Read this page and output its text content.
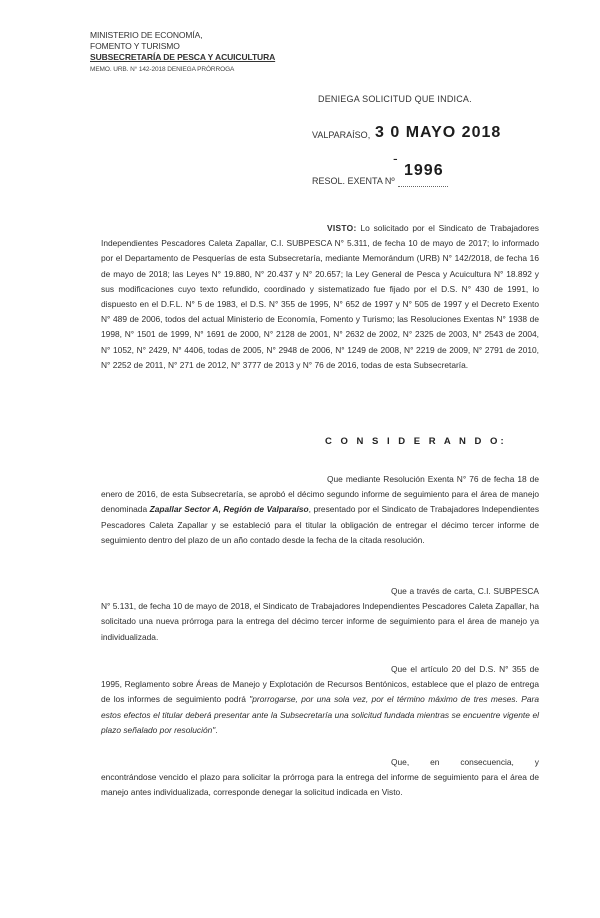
MINISTERIO DE ECONOMÍA,
FOMENTO Y TURISMO
SUBSECRETARÍA DE PESCA Y ACUICULTURA
MEMO. URB. N° 142-2018 DENIEGA PRÓRROGA
DENIEGA SOLICITUD QUE INDICA.
VALPARAÍSO, 3 0 MAYO 2018
-
1996
RESOL. EXENTA Nº
VISTO: Lo solicitado por el Sindicato de Trabajadores Independientes Pescadores Caleta Zapallar, C.I. SUBPESCA N° 5.311, de fecha 10 de mayo de 2017; lo informado por el Departamento de Pesquerías de esta Subsecretaría, mediante Memorándum (URB) N° 142/2018, de fecha 16 de mayo de 2018; las Leyes N° 19.880, N° 20.437 y N° 20.657; la Ley General de Pesca y Acuicultura N° 18.892 y sus modificaciones cuyo texto refundido, coordinado y sistematizado fue fijado por el D.S. N° 430 de 1991, lo dispuesto en el D.F.L. N° 5 de 1983, el D.S. N° 355 de 1995, N° 652 de 1997 y N° 505 de 1997 y el Decreto Exento N° 489 de 2006, todos del actual Ministerio de Economía, Fomento y Turismo; las Resoluciones Exentas N° 1938 de 1998, N° 1501 de 1999, N° 1691 de 2000, N° 2128 de 2001, N° 2632 de 2002, N° 2325 de 2003, N° 2543 de 2004, N° 1052, N° 2429, N° 4406, todas de 2005, N° 2948 de 2006, N° 1249 de 2008, N° 2219 de 2009, N° 2791 de 2010, N° 2252 de 2011, N° 271 de 2012, N° 3777 de 2013 y N° 76 de 2016, todas de esta Subsecretaría.
C O N S I D E R A N D O:
Que mediante Resolución Exenta N° 76 de fecha 18 de enero de 2016, de esta Subsecretaría, se aprobó el décimo segundo informe de seguimiento para el área de manejo denominada Zapallar Sector A, Región de Valparaíso, presentado por el Sindicato de Trabajadores Independientes Pescadores Caleta Zapallar y se estableció para el titular la obligación de entregar el décimo tercer informe de seguimiento dentro del plazo de un año contado desde la fecha de la citada resolución.
Que a través de carta, C.I. SUBPESCA N° 5.131, de fecha 10 de mayo de 2018, el Sindicato de Trabajadores Independientes Pescadores Caleta Zapallar, ha solicitado una nueva prórroga para la entrega del décimo tercer informe de seguimiento para el área de manejo ya individualizada.
Que el artículo 20 del D.S. N° 355 de 1995, Reglamento sobre Áreas de Manejo y Explotación de Recursos Bentónicos, establece que el plazo de entrega de los informes de seguimiento podrá "prorrogarse, por una sola vez, por el término máximo de tres meses. Para estos efectos el titular deberá presentar ante la Subsecretaría una solicitud fundada mientras se encuentre vigente el plazo señalado por resolución".
Que, en consecuencia, y encontrándose vencido el plazo para solicitar la prórroga para la entrega del informe de seguimiento para el área de manejo antes individualizada, corresponde denegar la solicitud indicada en Visto.
